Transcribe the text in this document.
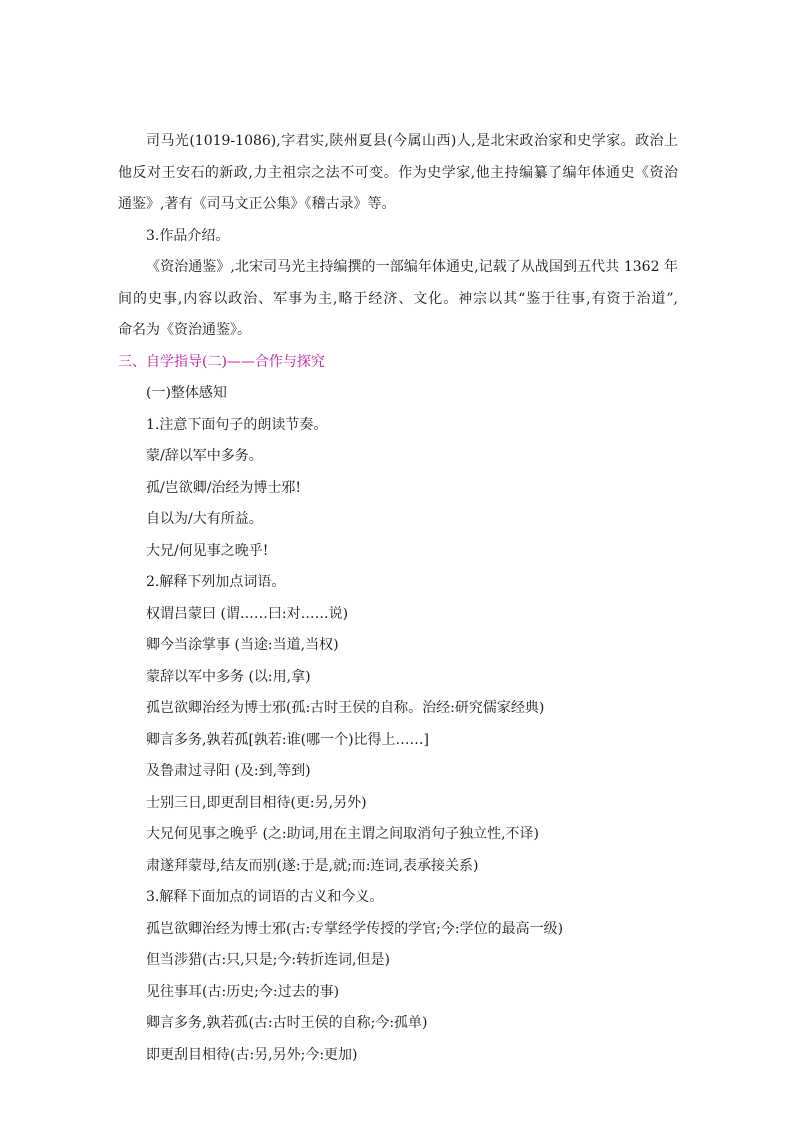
司马光(1019-1086),字君实,陕州夏县(今属山西)人,是北宋政治家和史学家。政治上

他反对王安石的新政,力主祖宗之法不可变。作为史学家,他主持编纂了编年体通史《资治

通鉴》,著有《司马文正公集》《稽古录》等。

3.作品介绍。

《资治通鉴》,北宋司马光主持编撰的一部编年体通史,记载了从战国到五代共 1362 年

间的史事,内容以政治、军事为主,略于经济、文化。神宗以其“鉴于往事,有资于治道”,

命名为《资治通鉴》。

三、自学指导(二)——合作与探究

(一)整体感知

1.注意下面句子的朗读节奏。

蒙/辞以军中多务。

孤/岂欲卿/治经为博士邪!

自以为/大有所益。

大兄/何见事之晚乎!

2.解释下列加点词语。

权谓吕蒙曰 (谓……曰:对……说)

卿今当涂掌事 (当途:当道,当权)

蒙辞以军中多务 (以:用,拿)

孤岂欲卿治经为博士邪(孤:古时王侯的自称。治经:研究儒家经典)

卿言多务,孰若孤[孰若:谁(哪一个)比得上……]

及鲁肃过寻阳 (及:到,等到)

士别三日,即更刮目相待(更:另,另外)

大兄何见事之晚乎 (之:助词,用在主谓之间取消句子独立性,不译)

肃遂拜蒙母,结友而别(遂:于是,就;而:连词,表承接关系)

3.解释下面加点的词语的古义和今义。

孤岂欲卿治经为博士邪(古:专掌经学传授的学官;今:学位的最高一级)

但当涉猎(古:只,只是;今:转折连词,但是)

见往事耳(古:历史;今:过去的事)

卿言多务,孰若孤(古:古时王侯的自称;今:孤单)

即更刮目相待(古:另,另外;今:更加)
